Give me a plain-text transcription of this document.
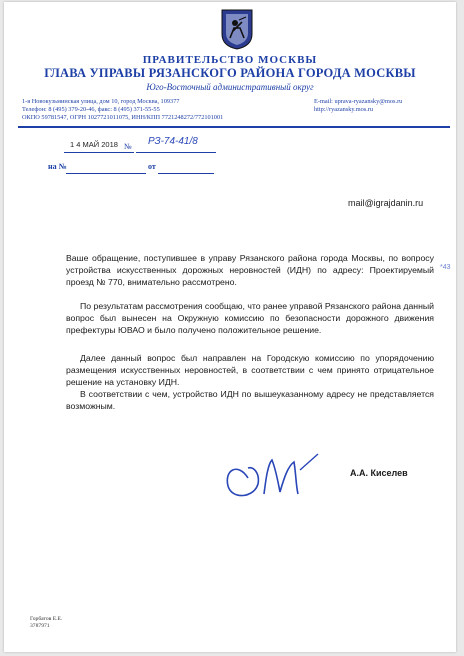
ПРАВИТЕЛЬСТВО МОСКВЫ
ГЛАВА УПРАВЫ РЯЗАНСКОГО РАЙОНА ГОРОДА МОСКВЫ
Юго-Восточный административный округ
1-я Новокузьминская улица, дом 10, город Москва, 109377
Телефон: 8 (495) 379-20-46, факс: 8 (495) 371-55-55
ОКПО 59781547, ОГРН 1027721011075, ИНН/КПП 7721248272/772101001
E-mail: uprava-ryazansky@mos.ru
http://ryazansky.mos.ru
1 4 МАЙ 2018 № РЗ-74-41/8
на №	от
mail@igrajdanin.ru
*43
Ваше обращение, поступившее в управу Рязанского района города Москвы, по вопросу устройства искусственных дорожных неровностей (ИДН) по адресу: Проектируемый проезд № 770, внимательно рассмотрено.
По результатам рассмотрения сообщаю, что ранее управой Рязанского района данный вопрос был вынесен на Окружную комиссию по безопасности дорожного движения префектуры ЮВАО и было получено положительное решение.
Далее данный вопрос был направлен на Городскую комиссию по упорядочению размещения искусственных неровностей, в соответствии с чем принято отрицательное решение на установку ИДН.
В соответствии с чем, устройство ИДН по вышеуказанному адресу не представляется возможным.
А.А. Киселев
Горбатов Е.Е.
3787971
